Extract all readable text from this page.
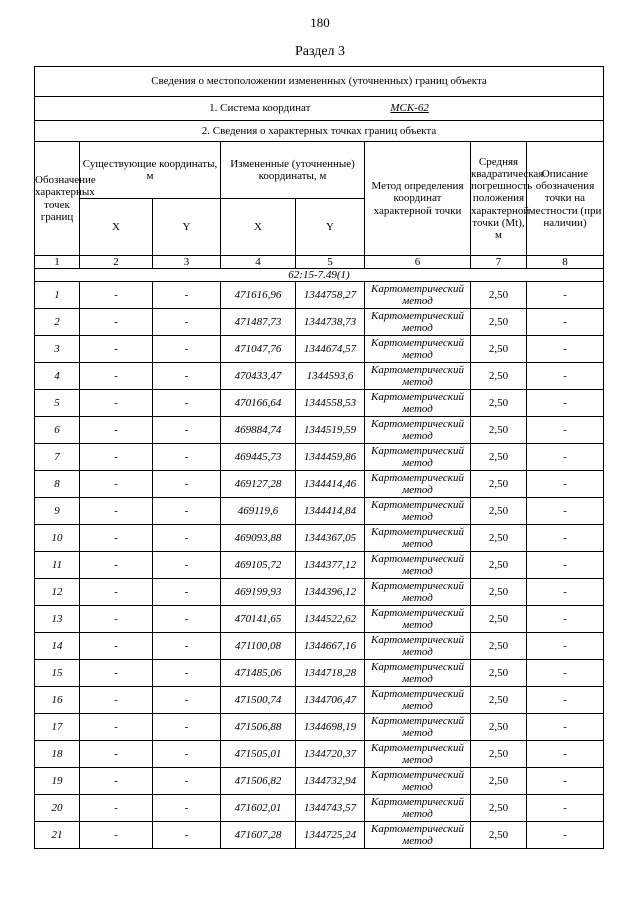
180
Раздел 3
Сведения о местоположении измененных (уточненных) границ объекта							
1. Система координат МСК-62							
2. Сведения о характерных точках границ объекта							
Обозначение характерных точек границ	Существующие координаты, м		Измененные (уточненные) координаты, м		Метод определения координат характерной точки	Средняя квадратическая погрешность положения характерной точки (Mt), м	Описание обозначения точки на местности (при наличии)
	X	Y	X	Y			
1	2	3	4	5	6	7	8
62:15-7.49(1)							
1	-	-	471616,96	1344758,27	Картометрический метод	2,50	-
2	-	-	471487,73	1344738,73	Картометрический метод	2,50	-
3	-	-	471047,76	1344674,57	Картометрический метод	2,50	-
4	-	-	470433,47	1344593,6	Картометрический метод	2,50	-
5	-	-	470166,64	1344558,53	Картометрический метод	2,50	-
6	-	-	469884,74	1344519,59	Картометрический метод	2,50	-
7	-	-	469445,73	1344459,86	Картометрический метод	2,50	-
8	-	-	469127,28	1344414,46	Картометрический метод	2,50	-
9	-	-	469119,6	1344414,84	Картометрический метод	2,50	-
10	-	-	469093,88	1344367,05	Картометрический метод	2,50	-
11	-	-	469105,72	1344377,12	Картометрический метод	2,50	-
12	-	-	469199,93	1344396,12	Картометрический метод	2,50	-
13	-	-	470141,65	1344522,62	Картометрический метод	2,50	-
14	-	-	471100,08	1344667,16	Картометрический метод	2,50	-
15	-	-	471485,06	1344718,28	Картометрический метод	2,50	-
16	-	-	471500,74	1344706,47	Картометрический метод	2,50	-
17	-	-	471506,88	1344698,19	Картометрический метод	2,50	-
18	-	-	471505,01	1344720,37	Картометрический метод	2,50	-
19	-	-	471506,82	1344732,94	Картометрический метод	2,50	-
20	-	-	471602,01	1344743,57	Картометрический метод	2,50	-
21	-	-	471607,28	1344725,24	Картометрический метод	2,50	-
